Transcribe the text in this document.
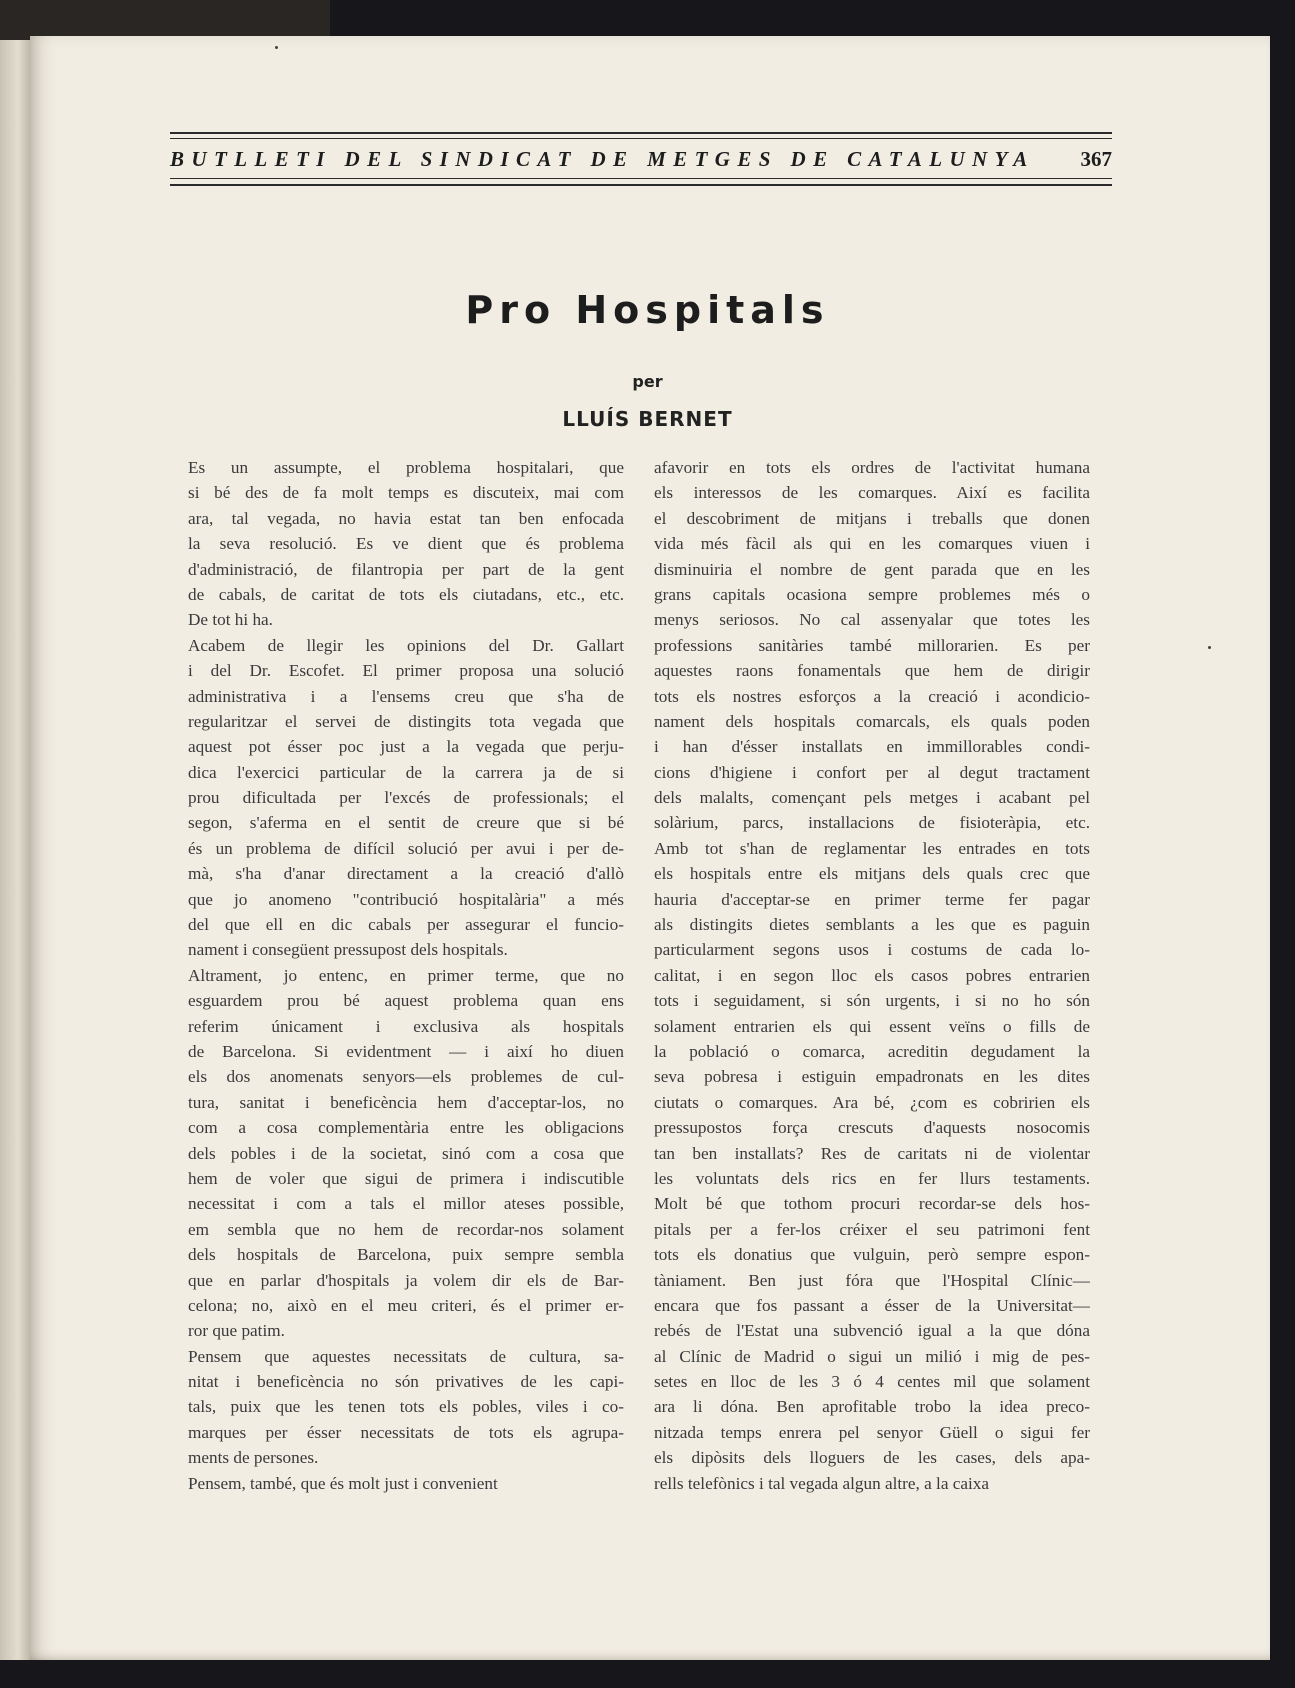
BUTLLETI DEL SINDICAT DE METGES DE CATALUNYA 367
Pro Hospitals
per
LLUÍS BERNET
Es un assumpte, el problema hospitalari, que
si bé des de fa molt temps es discuteix, mai com
ara, tal vegada, no havia estat tan ben enfocada
la seva resolució. Es ve dient que és problema
d'administració, de filantropia per part de la gent
de cabals, de caritat de tots els ciutadans, etc., etc.
De tot hi ha.
Acabem de llegir les opinions del Dr. Gallart
i del Dr. Escofet. El primer proposa una solució
administrativa i a l'ensems creu que s'ha de
regularitzar el servei de distingits tota vegada que
aquest pot ésser poc just a la vegada que perju-
dica l'exercici particular de la carrera ja de si
prou dificultada per l'excés de professionals; el
segon, s'aferma en el sentit de creure que si bé
és un problema de difícil solució per avui i per de-
mà, s'ha d'anar directament a la creació d'allò
que jo anomeno "contribució hospitalària" a més
del que ell en dic cabals per assegurar el funcio-
nament i consegüent pressupost dels hospitals.
Altrament, jo entenc, en primer terme, que no
esguardem prou bé aquest problema quan ens
referim únicament i exclusiva als hospitals
de Barcelona. Si evidentment — i així ho diuen
els dos anomenats senyors—els problemes de cul-
tura, sanitat i beneficència hem d'acceptar-los, no
com a cosa complementària entre les obligacions
dels pobles i de la societat, sinó com a cosa que
hem de voler que sigui de primera i indiscutible
necessitat i com a tals el millor ateses possible,
em sembla que no hem de recordar-nos solament
dels hospitals de Barcelona, puix sempre sembla
que en parlar d'hospitals ja volem dir els de Bar-
celona; no, això en el meu criteri, és el primer er-
ror que patim.
Pensem que aquestes necessitats de cultura, sa-
nitat i beneficència no són privatives de les capi-
tals, puix que les tenen tots els pobles, viles i co-
marques per ésser necessitats de tots els agrupa-
ments de persones.
Pensem, també, que és molt just i convenient
afavorir en tots els ordres de l'activitat humana
els interessos de les comarques. Així es facilita
el descobriment de mitjans i treballs que donen
vida més fàcil als qui en les comarques viuen i
disminuiria el nombre de gent parada que en les
grans capitals ocasiona sempre problemes més o
menys seriosos. No cal assenyalar que totes les
professions sanitàries també millorarien. Es per
aquestes raons fonamentals que hem de dirigir
tots els nostres esforços a la creació i acondicio-
nament dels hospitals comarcals, els quals poden
i han d'ésser installats en immillorables condi-
cions d'higiene i confort per al degut tractament
dels malalts, començant pels metges i acabant pel
solàrium, parcs, installacions de fisioteràpia, etc.
Amb tot s'han de reglamentar les entrades en tots
els hospitals entre els mitjans dels quals crec que
hauria d'acceptar-se en primer terme fer pagar
als distingits dietes semblants a les que es paguin
particularment segons usos i costums de cada lo-
calitat, i en segon lloc els casos pobres entrarien
tots i seguidament, si són urgents, i si no ho són
solament entrarien els qui essent veïns o fills de
la població o comarca, acreditin degudament la
seva pobresa i estiguin empadronats en les dites
ciutats o comarques. Ara bé, ¿com es cobririen els
pressupostos força crescuts d'aquests nosocomis
tan ben installats? Res de caritats ni de violentar
les voluntats dels rics en fer llurs testaments.
Molt bé que tothom procuri recordar-se dels hos-
pitals per a fer-los créixer el seu patrimoni fent
tots els donatius que vulguin, però sempre espon-
tàniament. Ben just fóra que l'Hospital Clínic—
encara que fos passant a ésser de la Universitat—
rebés de l'Estat una subvenció igual a la que dóna
al Clínic de Madrid o sigui un milió i mig de pes-
setes en lloc de les 3 ó 4 centes mil que solament
ara li dóna. Ben aprofitable trobo la idea preco-
nitzada temps enrera pel senyor Güell o sigui fer
els dipòsits dels lloguers de les cases, dels apa-
rells telefònics i tal vegada algun altre, a la caixa
